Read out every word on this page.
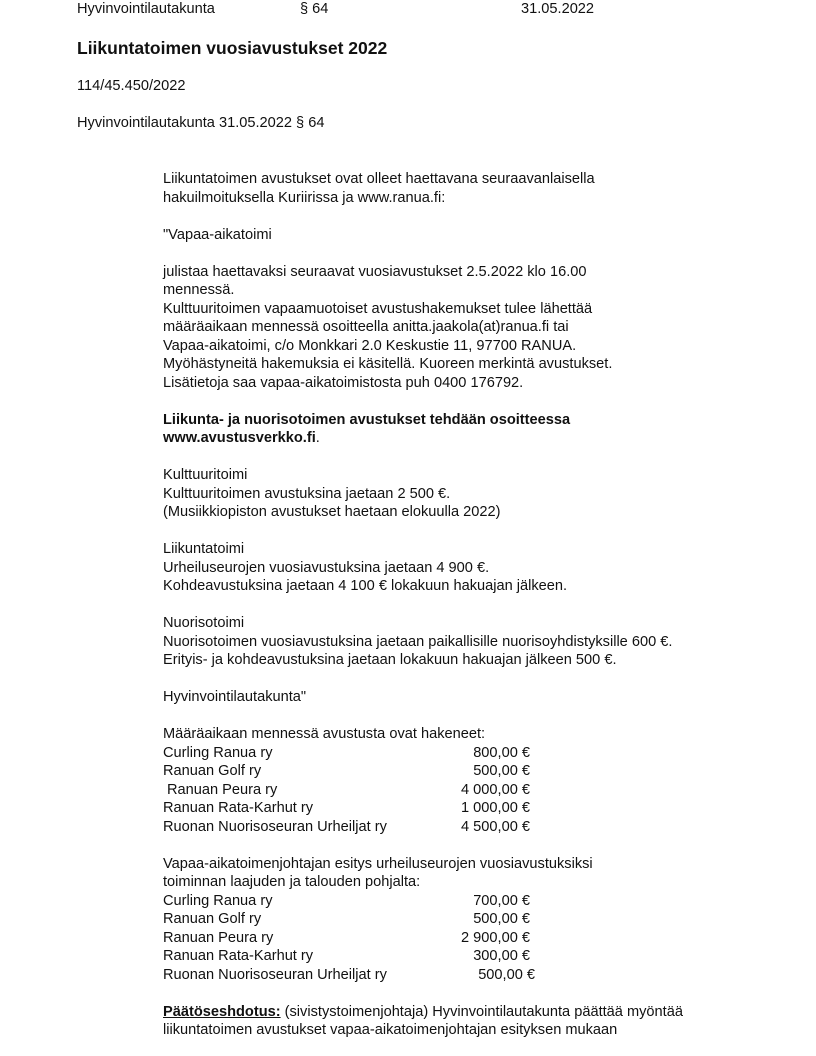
Hyvinvointilautakunta	§ 64	31.05.2022
Liikuntatoimen vuosiavustukset 2022
114/45.450/2022
Hyvinvointilautakunta 31.05.2022 § 64

Liikuntatoimen avustukset ovat olleet haettavana seuraavanlaisella

hakuilmoituksella Kuriirissa ja www.ranua.fi:

"Vapaa-aikatoimi

julistaa haettavaksi seuraavat vuosiavustukset 2.5.2022 klo 16.00

mennessä.

Kulttuuritoimen vapaamuotoiset avustushakemukset tulee lähettää

määräaikaan mennessä osoitteella anitta.jaakola(at)ranua.fi tai

Vapaa-aikatoimi, c/o Monkkari 2.0 Keskustie 11, 97700 RANUA.

Myöhästyneitä hakemuksia ei käsitellä. Kuoreen merkintä avustukset.

Lisätietoja saa vapaa-aikatoimistosta puh 0400 176792.

Liikunta- ja nuorisotoimen avustukset tehdään osoitteessa

www.avustusverkko.fi.

Kulttuuritoimi

Kulttuuritoimen avustuksina jaetaan 2 500 €.

(Musiikkiopiston avustukset haetaan elokuulla 2022)

Liikuntatoimi

Urheiluseurojen vuosiavustuksina jaetaan 4 900 €.

Kohdeavustuksina jaetaan 4 100 € lokakuun hakuajan jälkeen.

Nuorisotoimi

Nuorisotoimen vuosiavustuksina jaetaan paikallisille nuorisoyhdistyksille 600 €.

Erityis- ja kohdeavustuksina jaetaan lokakuun hakuajan jälkeen 500 €.

Hyvinvointilautakunta"

Määräaikaan mennessä avustusta ovat hakeneet:

Curling Ranua ry	800,00 €
Ranuan Golf ry	500,00 €
Ranuan Peura ry	4 000,00 €
Ranuan Rata-Karhut ry	1 000,00 €
Ruonan Nuorisoseuran Urheiljat ry	4 500,00 €

Vapaa-aikatoimenjohtajan esitys urheiluseurojen vuosiavustuksiksi

toiminnan laajuden ja talouden pohjalta:

Curling Ranua ry	700,00 €
Ranuan Golf ry	500,00 €
Ranuan Peura ry	2 900,00 €
Ranuan Rata-Karhut ry	300,00 €
Ruonan Nuorisoseuran Urheiljat ry	500,00 €

Päätöseshdotus: (sivistystoimenjohtaja) Hyvinvointilautakunta päättää myöntää

liikuntatoimen avustukset vapaa-aikatoimenjohtajan esityksen mukaan
